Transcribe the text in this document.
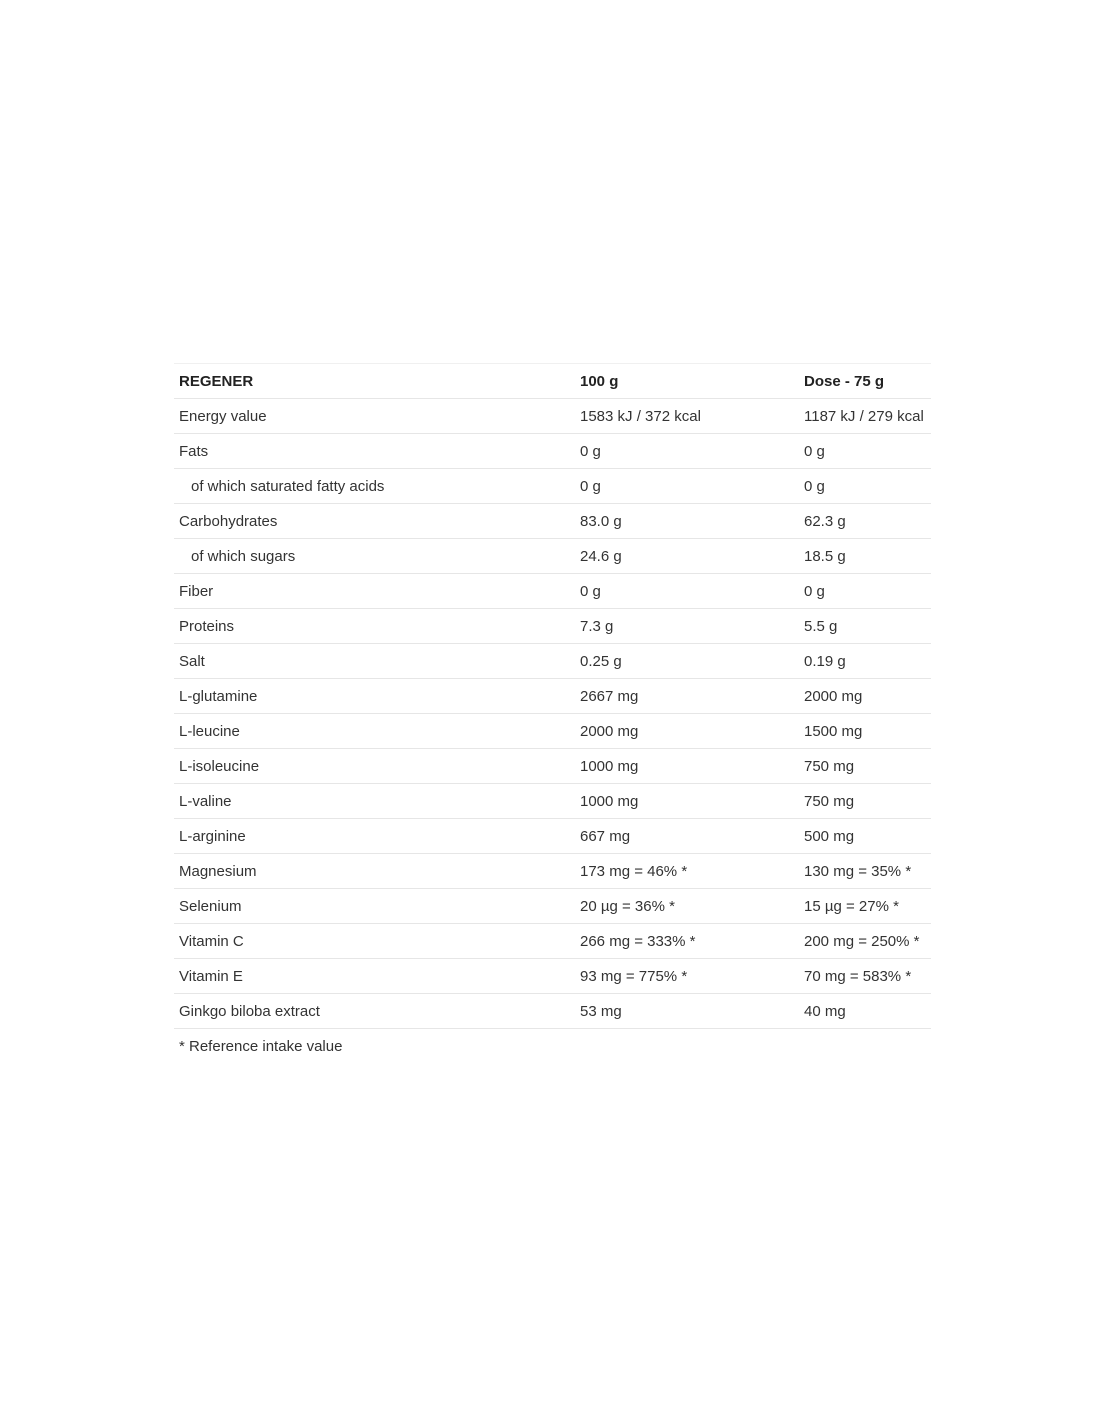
REGENER	100 g	Dose - 75 g
Energy value	1583 kJ / 372 kcal	1187 kJ / 279 kcal
Fats	0 g	0 g
of which saturated fatty acids	0 g	0 g
Carbohydrates	83.0 g	62.3 g
of which sugars	24.6 g	18.5 g
Fiber	0 g	0 g
Proteins	7.3 g	5.5 g
Salt	0.25 g	0.19 g
L-glutamine	2667 mg	2000 mg
L-leucine	2000 mg	1500 mg
L-isoleucine	1000 mg	750 mg
L-valine	1000 mg	750 mg
L-arginine	667 mg	500 mg
Magnesium	173 mg = 46% *	130 mg = 35% *
Selenium	20 µg = 36% *	15 µg = 27% *
Vitamin C	266 mg = 333% *	200 mg = 250% *
Vitamin E	93 mg = 775% *	70 mg = 583% *
Ginkgo biloba extract	53 mg	40 mg
* Reference intake value
